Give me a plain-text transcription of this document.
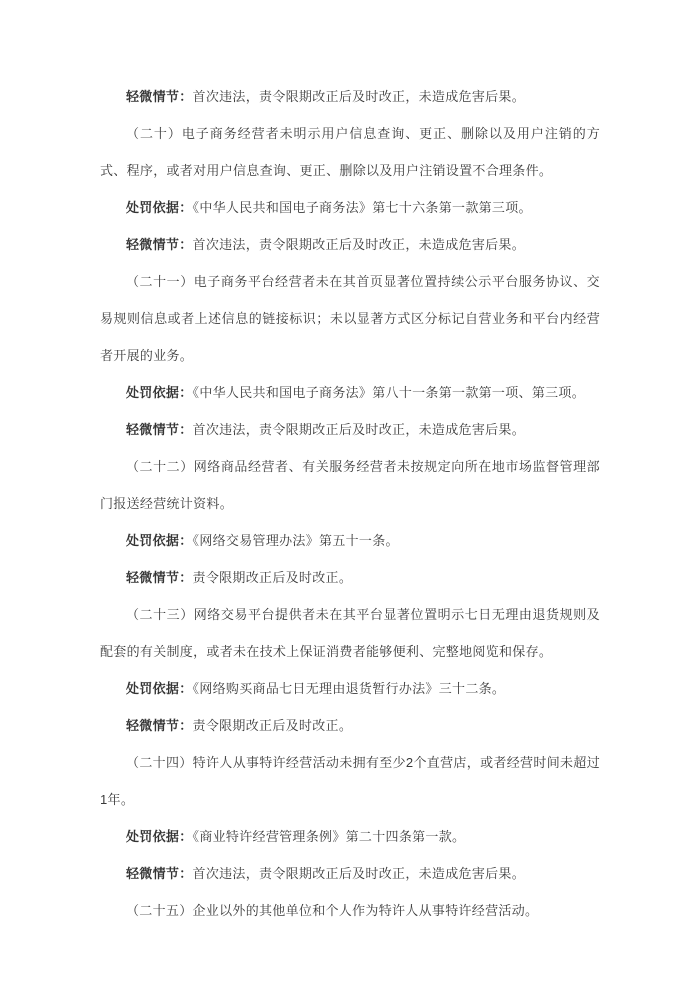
轻微情节：首次违法，责令限期改正后及时改正，未造成危害后果。

（二十）电子商务经营者未明示用户信息查询、更正、删除以及用户注销的方式、程序，或者对用户信息查询、更正、删除以及用户注销设置不合理条件。

处罚依据：《中华人民共和国电子商务法》第七十六条第一款第三项。

轻微情节：首次违法，责令限期改正后及时改正，未造成危害后果。

（二十一）电子商务平台经营者未在其首页显著位置持续公示平台服务协议、交易规则信息或者上述信息的链接标识；未以显著方式区分标记自营业务和平台内经营者开展的业务。

处罚依据：《中华人民共和国电子商务法》第八十一条第一款第一项、第三项。

轻微情节：首次违法，责令限期改正后及时改正，未造成危害后果。

（二十二）网络商品经营者、有关服务经营者未按规定向所在地市场监督管理部门报送经营统计资料。

处罚依据：《网络交易管理办法》第五十一条。

轻微情节：责令限期改正后及时改正。

（二十三）网络交易平台提供者未在其平台显著位置明示七日无理由退货规则及配套的有关制度，或者未在技术上保证消费者能够便利、完整地阅览和保存。

处罚依据：《网络购买商品七日无理由退货暂行办法》三十二条。

轻微情节：责令限期改正后及时改正。

（二十四）特许人从事特许经营活动未拥有至少2个直营店，或者经营时间未超过1年。

处罚依据：《商业特许经营管理条例》第二十四条第一款。

轻微情节：首次违法，责令限期改正后及时改正，未造成危害后果。

（二十五）企业以外的其他单位和个人作为特许人从事特许经营活动。
